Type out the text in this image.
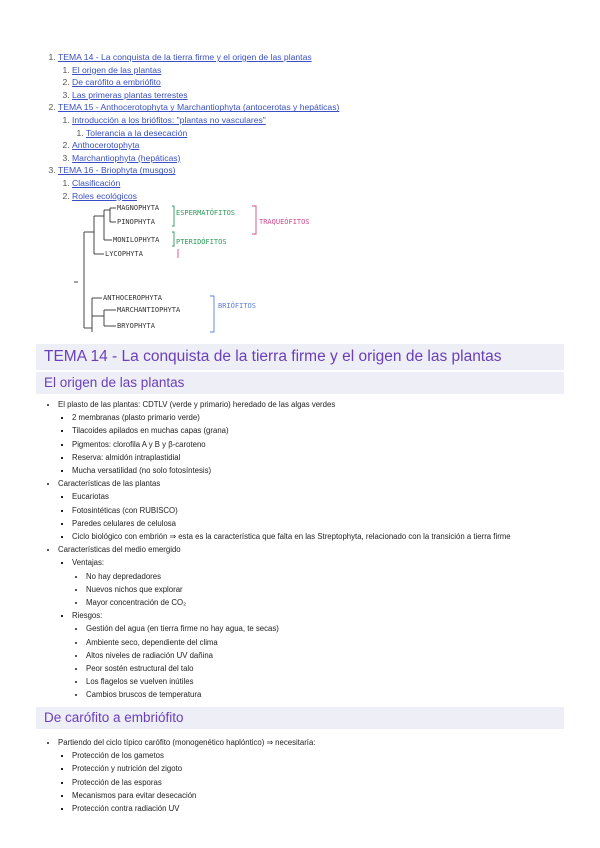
1. TEMA 14 - La conquista de la tierra firme y el origen de las plantas
1. El origen de las plantas
2. De carófito a embriófito
3. Las primeras plantas terrestes
2. TEMA 15 - Anthocerotophyta y Marchantiophyta (antocerotas y hepáticas)
1. Introducción a los briófitos: "plantas no vasculares"
1. Tolerancia a la desecación
2. Anthocerotophyta
3. Marchantiophyta (hepáticas)
3. TEMA 16 - Briophyta (musgos)
1. Clasificación
2. Roles ecológicos
MAGNOPHYTA
PINOPHYTA
MONILOPHYTA
LYCOPHYTA
ANTHOCEROPHYTA
MARCHANTIOPHYTA
BRYOPHYTA
ESPERMATÓFITOS
PTERIDÓFITOS
TRAQUEÓFITOS
BRIÓFITOS
TEMA 14 - La conquista de la tierra firme y el origen de las plantas
El origen de las plantas
• El plasto de las plantas: CDTLV (verde y primario) heredado de las algas verdes
▪ 2 membranas (plasto primario verde)
▪ Tilacoides apilados en muchas capas (grana)
▪ Pigmentos: clorofila A y B y β-caroteno
▪ Reserva: almidón intraplastidial
▪ Mucha versatilidad (no solo fotosíntesis)
• Características de las plantas
▪ Eucariotas
▪ Fotosintéticas (con RUBISCO)
▪ Paredes celulares de celulosa
▪ Ciclo biológico con embrión ⇒ esta es la característica que falta en las Streptophyta, relacionado con la transición a tierra firme
• Características del medio emergido
▪ Ventajas:
• No hay depredadores
• Nuevos nichos que explorar
• Mayor concentración de CO₂
▪ Riesgos:
• Gestión del agua (en tierra firme no hay agua, te secas)
• Ambiente seco, dependiente del clima
• Altos niveles de radiación UV dañina
• Peor sostén estructural del talo
• Los flagelos se vuelven inútiles
• Cambios bruscos de temperatura
De carófito a embriófito
• Partiendo del ciclo típico carófito (monogenético haplóntico) ⇒ necesitaría:
▪ Protección de los gametos
▪ Protección y nutrición del zigoto
▪ Protección de las esporas
▪ Mecanismos para evitar desecación
▪ Protección contra radiación UV
